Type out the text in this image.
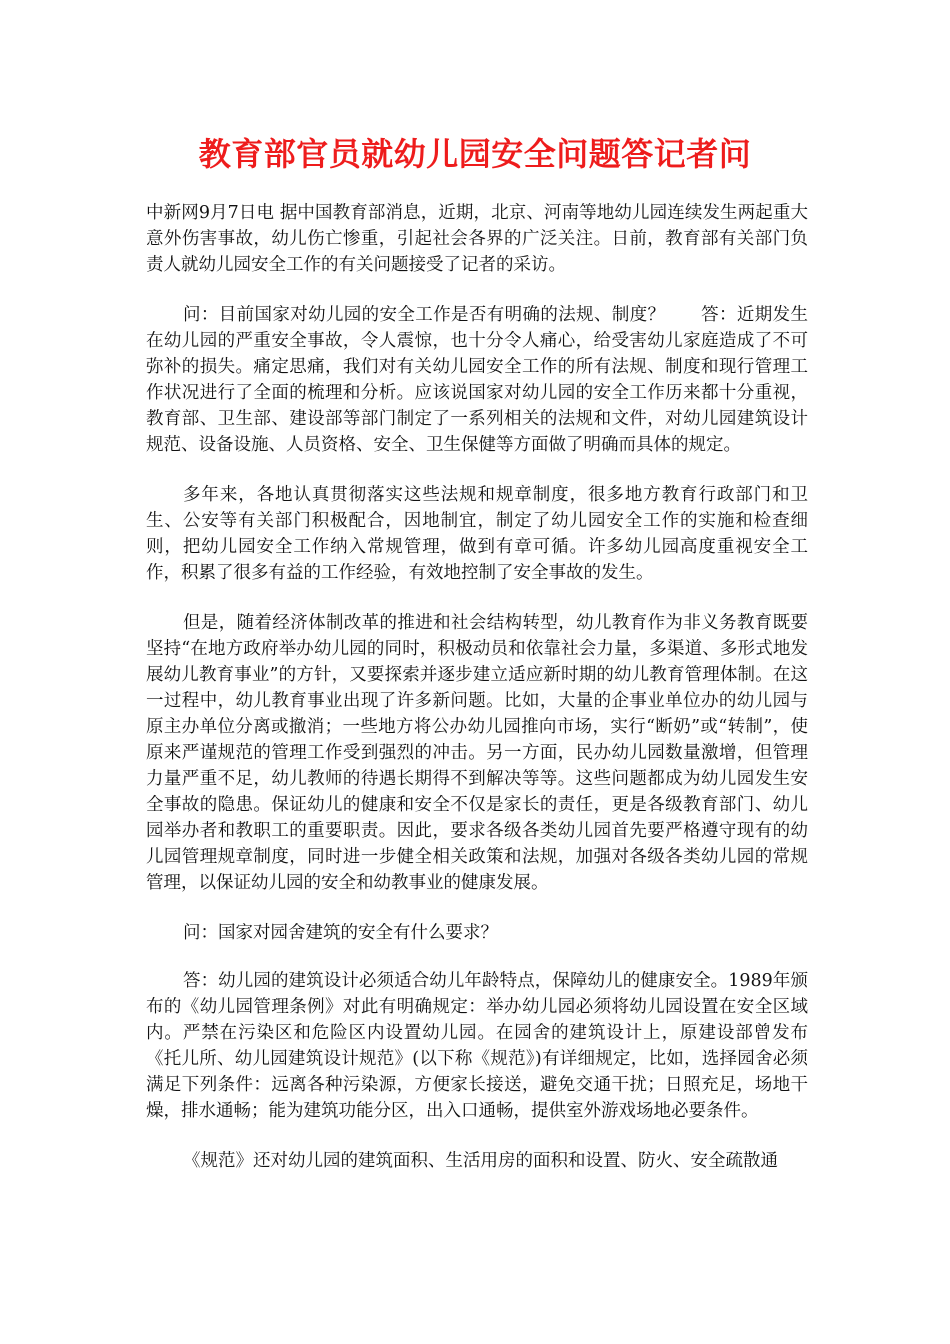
教育部官员就幼儿园安全问题答记者问

中新网9月7日电 据中国教育部消息，近期，北京、河南等地幼儿园连续发生两起重大意外伤害事故，幼儿伤亡惨重，引起社会各界的广泛关注。日前，教育部有关部门负责人就幼儿园安全工作的有关问题接受了记者的采访。

问：目前国家对幼儿园的安全工作是否有明确的法规、制度？　　答：近期发生在幼儿园的严重安全事故，令人震惊，也十分令人痛心，给受害幼儿家庭造成了不可弥补的损失。痛定思痛，我们对有关幼儿园安全工作的所有法规、制度和现行管理工作状况进行了全面的梳理和分析。应该说国家对幼儿园的安全工作历来都十分重视，教育部、卫生部、建设部等部门制定了一系列相关的法规和文件，对幼儿园建筑设计规范、设备设施、人员资格、安全、卫生保健等方面做了明确而具体的规定。

多年来，各地认真贯彻落实这些法规和规章制度，很多地方教育行政部门和卫生、公安等有关部门积极配合，因地制宜，制定了幼儿园安全工作的实施和检查细则，把幼儿园安全工作纳入常规管理，做到有章可循。许多幼儿园高度重视安全工作，积累了很多有益的工作经验，有效地控制了安全事故的发生。

但是，随着经济体制改革的推进和社会结构转型，幼儿教育作为非义务教育既要坚持“在地方政府举办幼儿园的同时，积极动员和依靠社会力量，多渠道、多形式地发展幼儿教育事业”的方针，又要探索并逐步建立适应新时期的幼儿教育管理体制。在这一过程中，幼儿教育事业出现了许多新问题。比如，大量的企事业单位办的幼儿园与原主办单位分离或撤消；一些地方将公办幼儿园推向市场，实行“断奶”或“转制”，使原来严谨规范的管理工作受到强烈的冲击。另一方面，民办幼儿园数量激增，但管理力量严重不足，幼儿教师的待遇长期得不到解决等等。这些问题都成为幼儿园发生安全事故的隐患。保证幼儿的健康和安全不仅是家长的责任，更是各级教育部门、幼儿园举办者和教职工的重要职责。因此，要求各级各类幼儿园首先要严格遵守现有的幼儿园管理规章制度，同时进一步健全相关政策和法规，加强对各级各类幼儿园的常规管理，以保证幼儿园的安全和幼教事业的健康发展。

问：国家对园舍建筑的安全有什么要求？

答：幼儿园的建筑设计必须适合幼儿年龄特点，保障幼儿的健康安全。1989年颁布的《幼儿园管理条例》对此有明确规定：举办幼儿园必须将幼儿园设置在安全区域内。严禁在污染区和危险区内设置幼儿园。在园舍的建筑设计上，原建设部曾发布《托儿所、幼儿园建筑设计规范》(以下称《规范》)有详细规定，比如，选择园舍必须满足下列条件：远离各种污染源，方便家长接送，避免交通干扰；日照充足，场地干燥，排水通畅；能为建筑功能分区，出入口通畅，提供室外游戏场地必要条件。

《规范》还对幼儿园的建筑面积、生活用房的面积和设置、防火、安全疏散通
